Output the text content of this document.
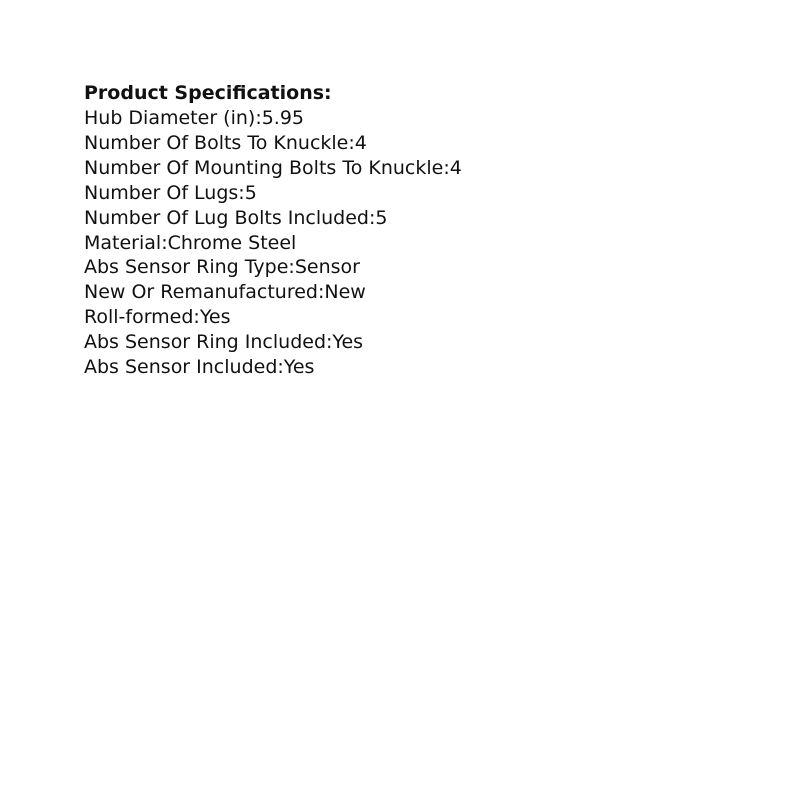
Product Specifications:
Hub Diameter (in):5.95
Number Of Bolts To Knuckle:4
Number Of Mounting Bolts To Knuckle:4
Number Of Lugs:5
Number Of Lug Bolts Included:5
Material:Chrome Steel
Abs Sensor Ring Type:Sensor
New Or Remanufactured:New
Roll-formed:Yes
Abs Sensor Ring Included:Yes
Abs Sensor Included:Yes
